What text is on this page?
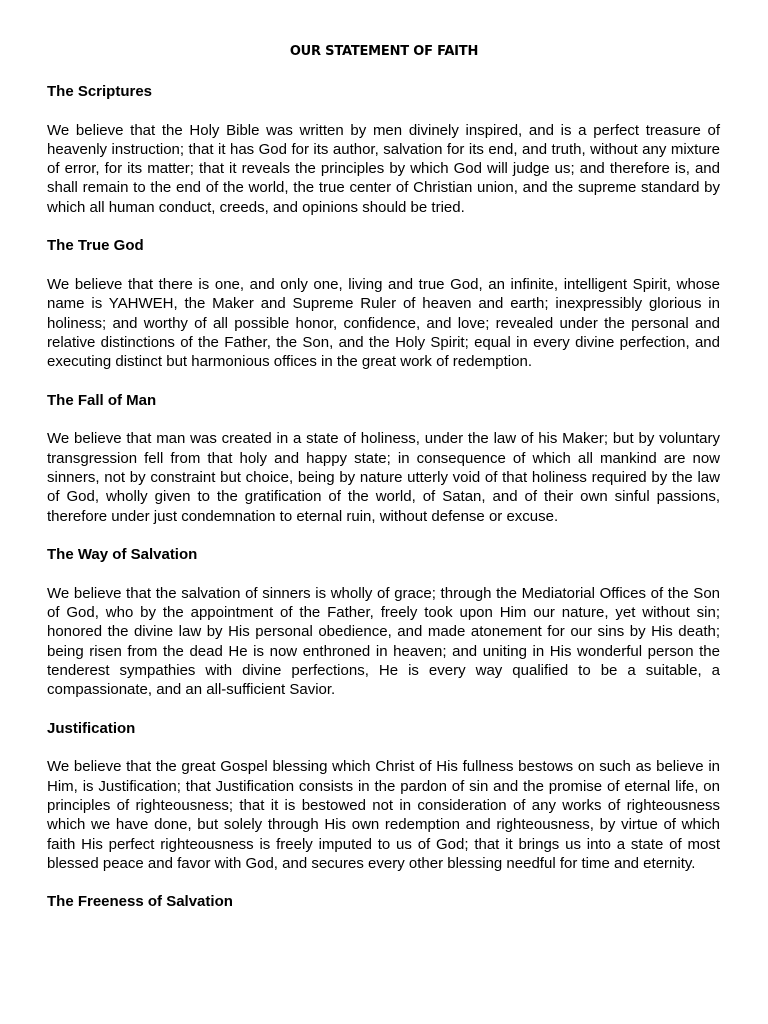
OUR STATEMENT OF FAITH
The Scriptures
We believe that the Holy Bible was written by men divinely inspired, and is a perfect treasure of heavenly instruction; that it has God for its author, salvation for its end, and truth, without any mixture of error, for its matter; that it reveals the principles by which God will judge us; and therefore is, and shall remain to the end of the world, the true center of Christian union, and the supreme standard by which all human conduct, creeds, and opinions should be tried.
The True God
We believe that there is one, and only one, living and true God, an infinite, intelligent Spirit, whose name is YAHWEH, the Maker and Supreme Ruler of heaven and earth; inexpressibly glorious in holiness; and worthy of all possible honor, confidence, and love; revealed under the personal and relative distinctions of the Father, the Son, and the Holy Spirit; equal in every divine perfection, and executing distinct but harmonious offices in the great work of redemption.
The Fall of Man
We believe that man was created in a state of holiness, under the law of his Maker; but by voluntary transgression fell from that holy and happy state; in consequence of which all mankind are now sinners, not by constraint but choice, being by nature utterly void of that holiness required by the law of God, wholly given to the gratification of the world, of Satan, and of their own sinful passions, therefore under just condemnation to eternal ruin, without defense or excuse.
The Way of Salvation
We believe that the salvation of sinners is wholly of grace; through the Mediatorial Offices of the Son of God, who by the appointment of the Father, freely took upon Him our nature, yet without sin; honored the divine law by His personal obedience, and made atonement for our sins by His death; being risen from the dead He is now enthroned in heaven; and uniting in His wonderful person the tenderest sympathies with divine perfections, He is every way qualified to be a suitable, a compassionate, and an all-sufficient Savior.
Justification
We believe that the great Gospel blessing which Christ of His fullness bestows on such as believe in Him, is Justification; that Justification consists in the pardon of sin and the promise of eternal life, on principles of righteousness; that it is bestowed not in consideration of any works of righteousness which we have done, but solely through His own redemption and righteousness, by virtue of which faith His perfect righteousness is freely imputed to us of God; that it brings us into a state of most blessed peace and favor with God, and secures every other blessing needful for time and eternity.
The Freeness of Salvation
